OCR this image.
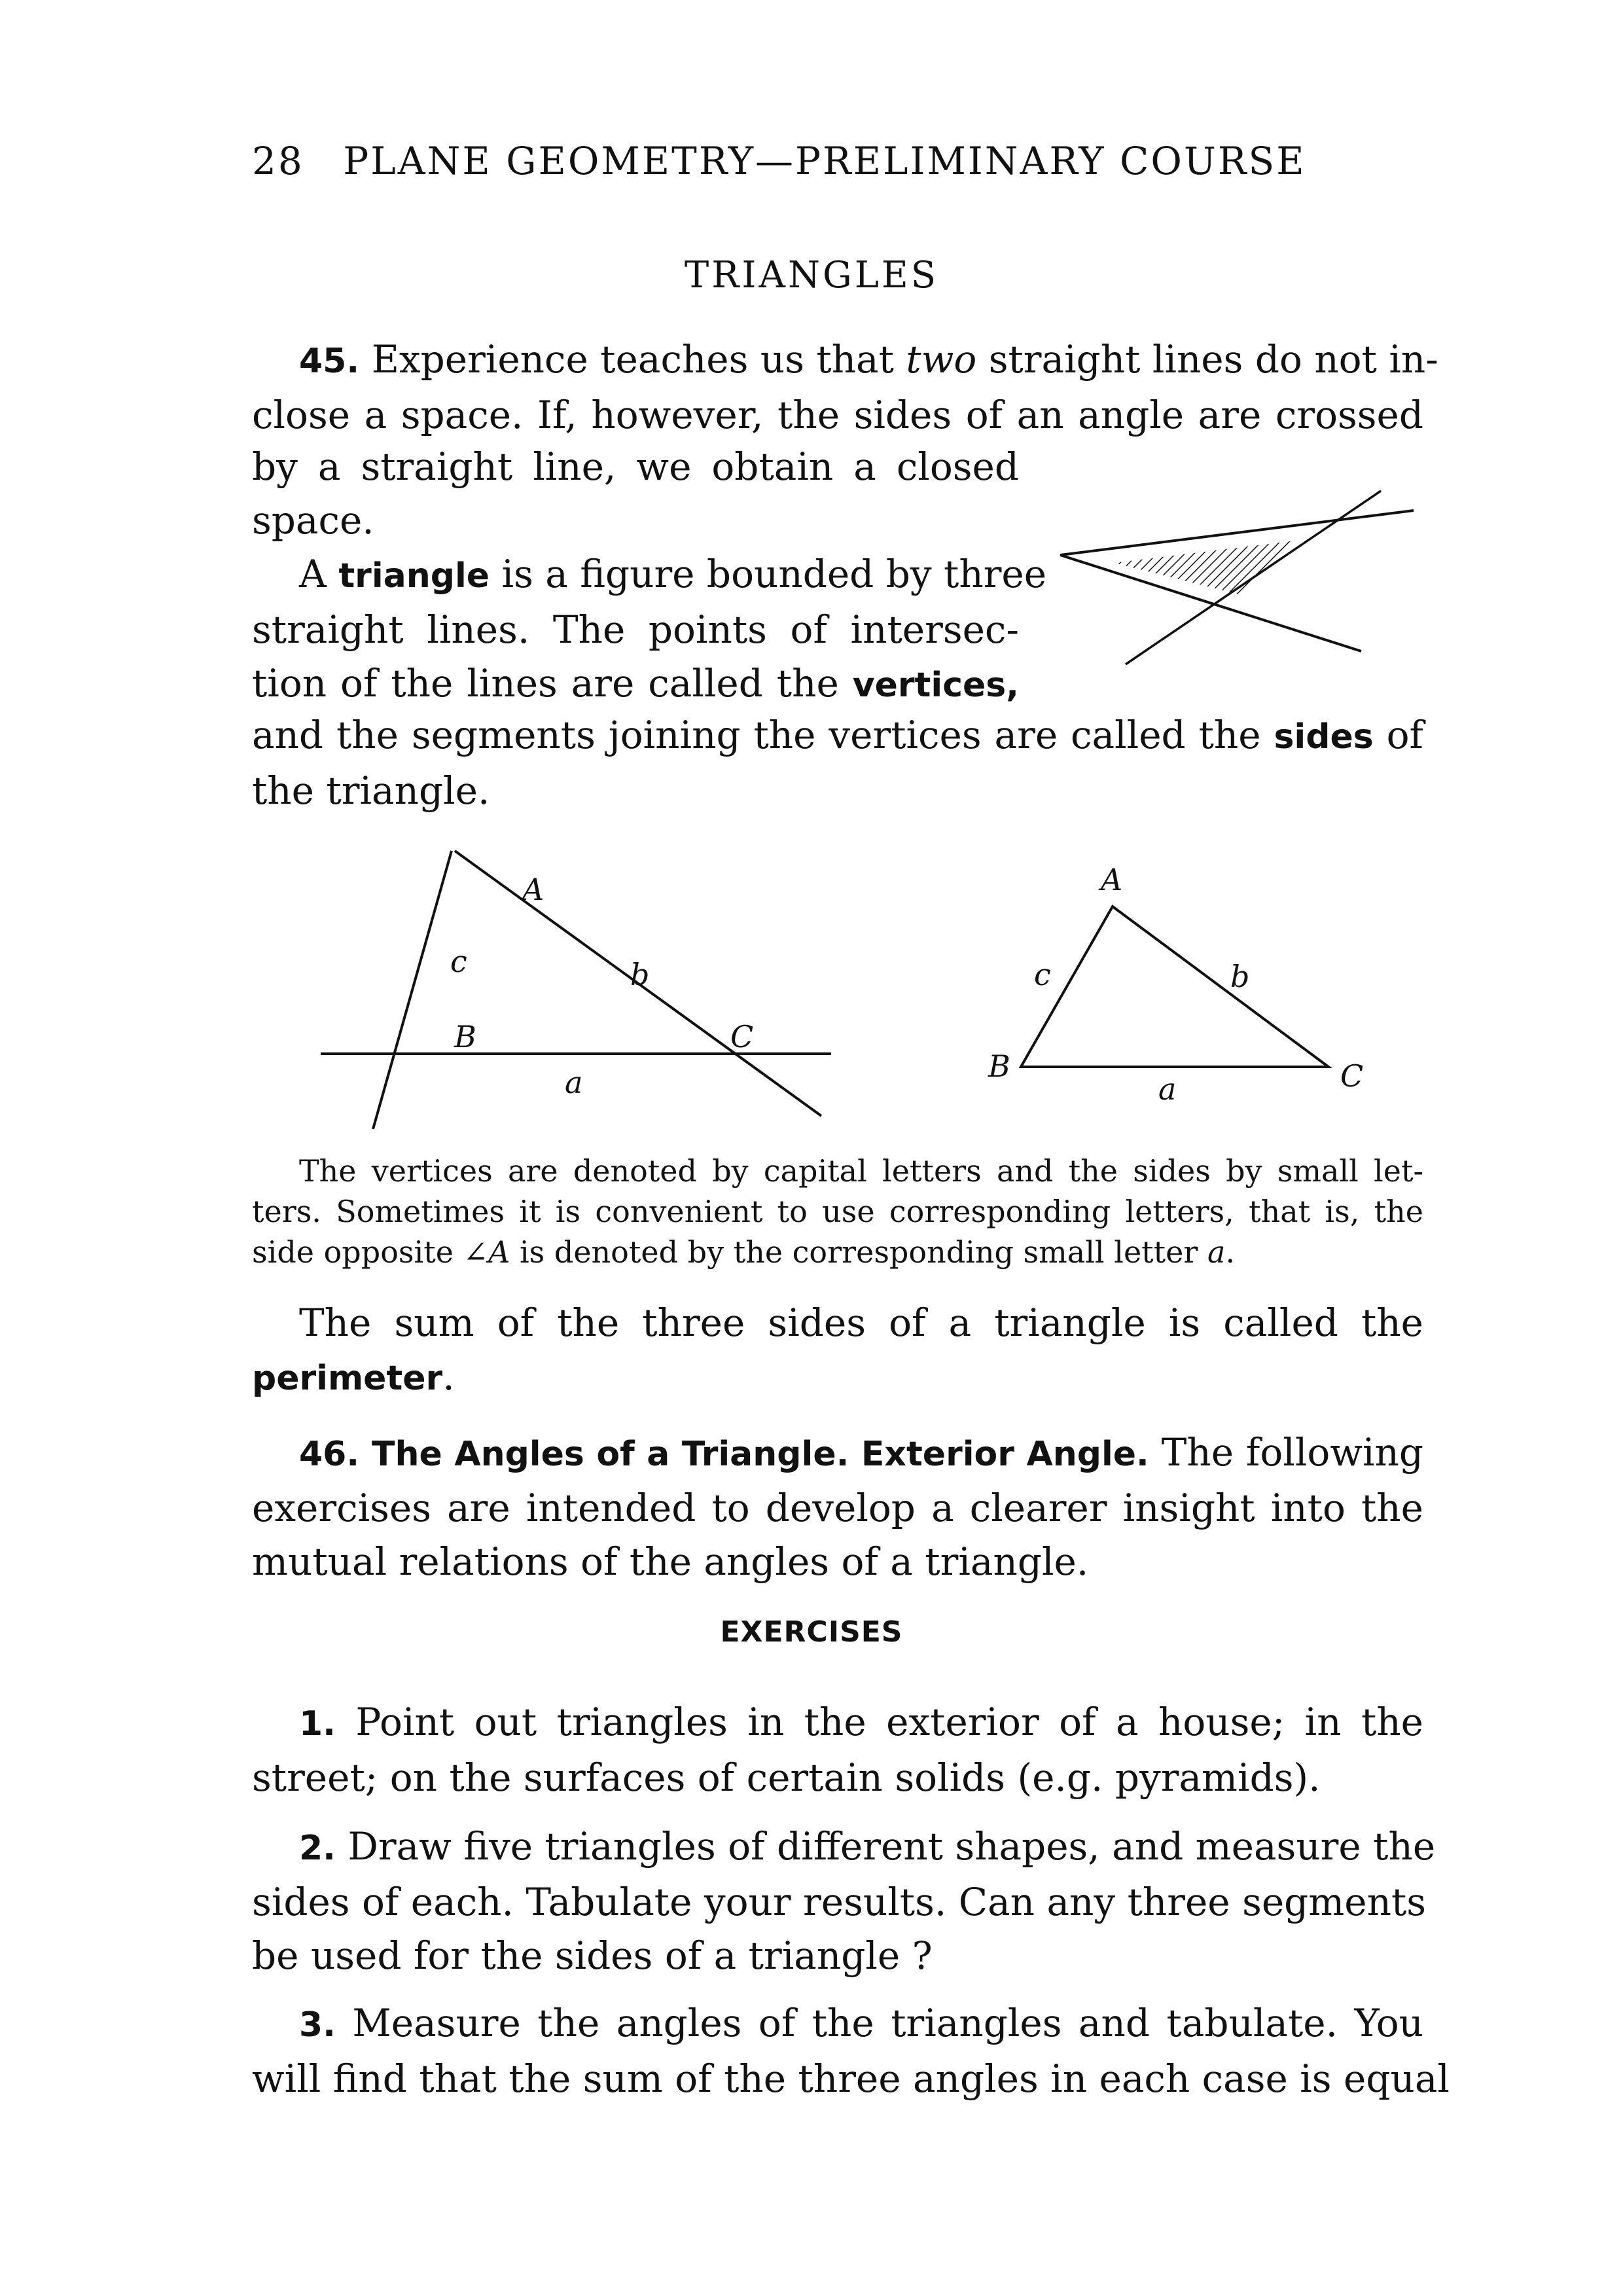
28 PLANE GEOMETRY—PRELIMINARY COURSE
TRIANGLES
45. Experience teaches us that two straight lines do not in-
close a space. If, however, the sides of an angle are crossed
by a straight line, we obtain a closed
space.
A triangle is a figure bounded by three
straight lines. The points of intersec-
tion of the lines are called the vertices,
and the segments joining the vertices are called the sides of
the triangle.
A
B	C
a
b
c
A
B	C
a
b
c
The vertices are denoted by capital letters and the sides by small let-
ters. Sometimes it is convenient to use corresponding letters, that is, the
side opposite ∠A is denoted by the corresponding small letter a.
The sum of the three sides of a triangle is called the
perimeter.
46. The Angles of a Triangle. Exterior Angle. The following
exercises are intended to develop a clearer insight into the
mutual relations of the angles of a triangle.
EXERCISES
1. Point out triangles in the exterior of a house; in the
street; on the surfaces of certain solids (e.g. pyramids).
2. Draw five triangles of different shapes, and measure the
sides of each. Tabulate your results. Can any three segments
be used for the sides of a triangle ?
3. Measure the angles of the triangles and tabulate. You
will find that the sum of the three angles in each case is equal
